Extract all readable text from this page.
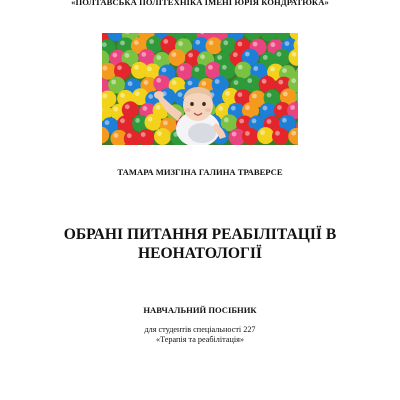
«ПОЛТАВСЬКА ПОЛІТЕХНІКА ІМЕНІ ЮРІЯ КОНДРАТЮКА»
ТАМАРА МИЗГІНА ГАЛИНА ТРАВЕРСЕ
ОБРАНІ ПИТАННЯ РЕАБІЛІТАЦІЇ В
НЕОНАТОЛОГІЇ
НАВЧАЛЬНИЙ ПОСІБНИК
для студентів спеціальності 227
«Терапія та реабілітація»
